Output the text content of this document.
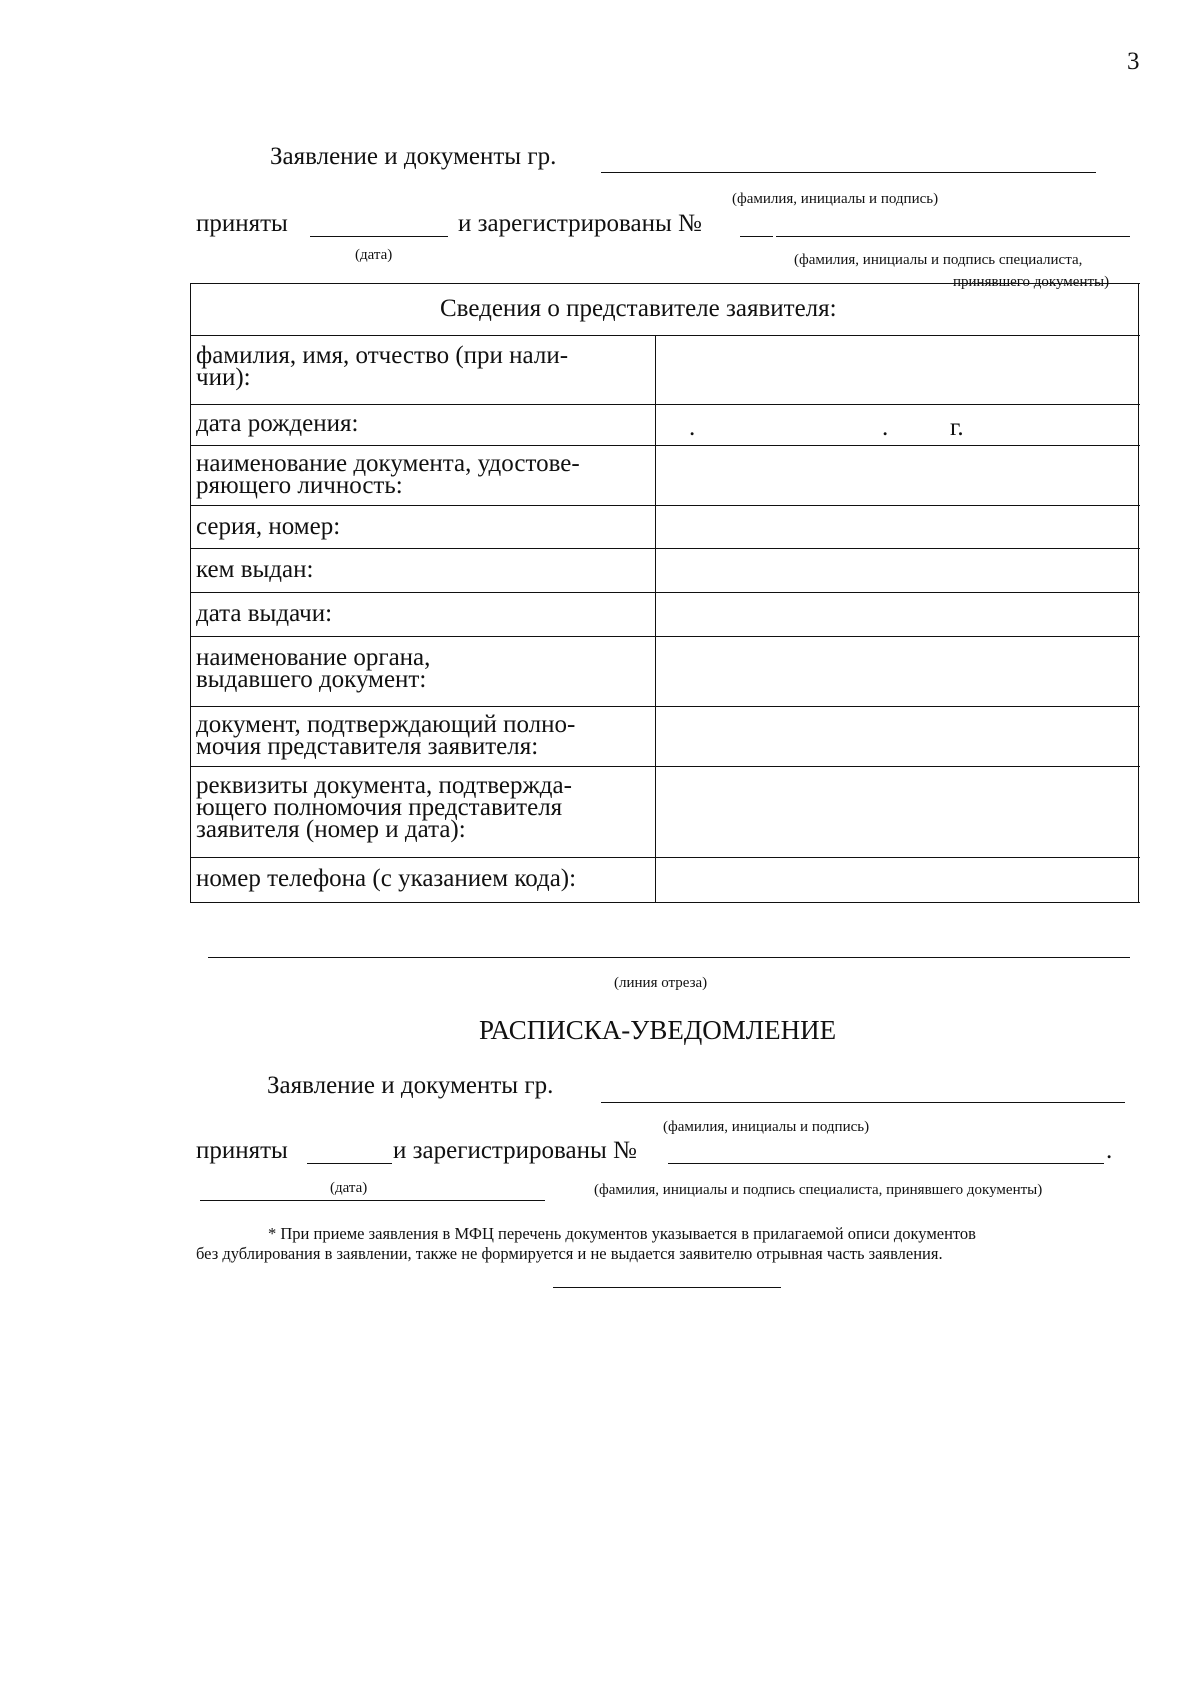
3
Заявление и документы гр.
(фамилия, инициалы и подпись)
приняты	и зарегистрированы №
(дата)	(фамилия, инициалы и подпись специалиста,
принявшего документы)
Сведения о представителе заявителя:
фамилия, имя, отчество (при нали-
чии):
дата рождения:	.	. г.
наименование документа, удостове-
ряющего личность:
серия, номер:
кем выдан:
дата выдачи:
наименование органа,
выдавшего документ:
документ, подтверждающий полно-
мочия представителя заявителя:
реквизиты документа, подтвержда-
ющего полномочия представителя
заявителя (номер и дата):
номер телефона (с указанием кода):
(линия отреза)
РАСПИСКА-УВЕДОМЛЕНИЕ
Заявление и документы гр.
(фамилия, инициалы и подпись)
приняты	и зарегистрированы №	.
(дата)	(фамилия, инициалы и подпись специалиста, принявшего документы)
* При приеме заявления в МФЦ перечень документов указывается в прилагаемой описи документов
без дублирования в заявлении, также не формируется и не выдается заявителю отрывная часть заявления.
